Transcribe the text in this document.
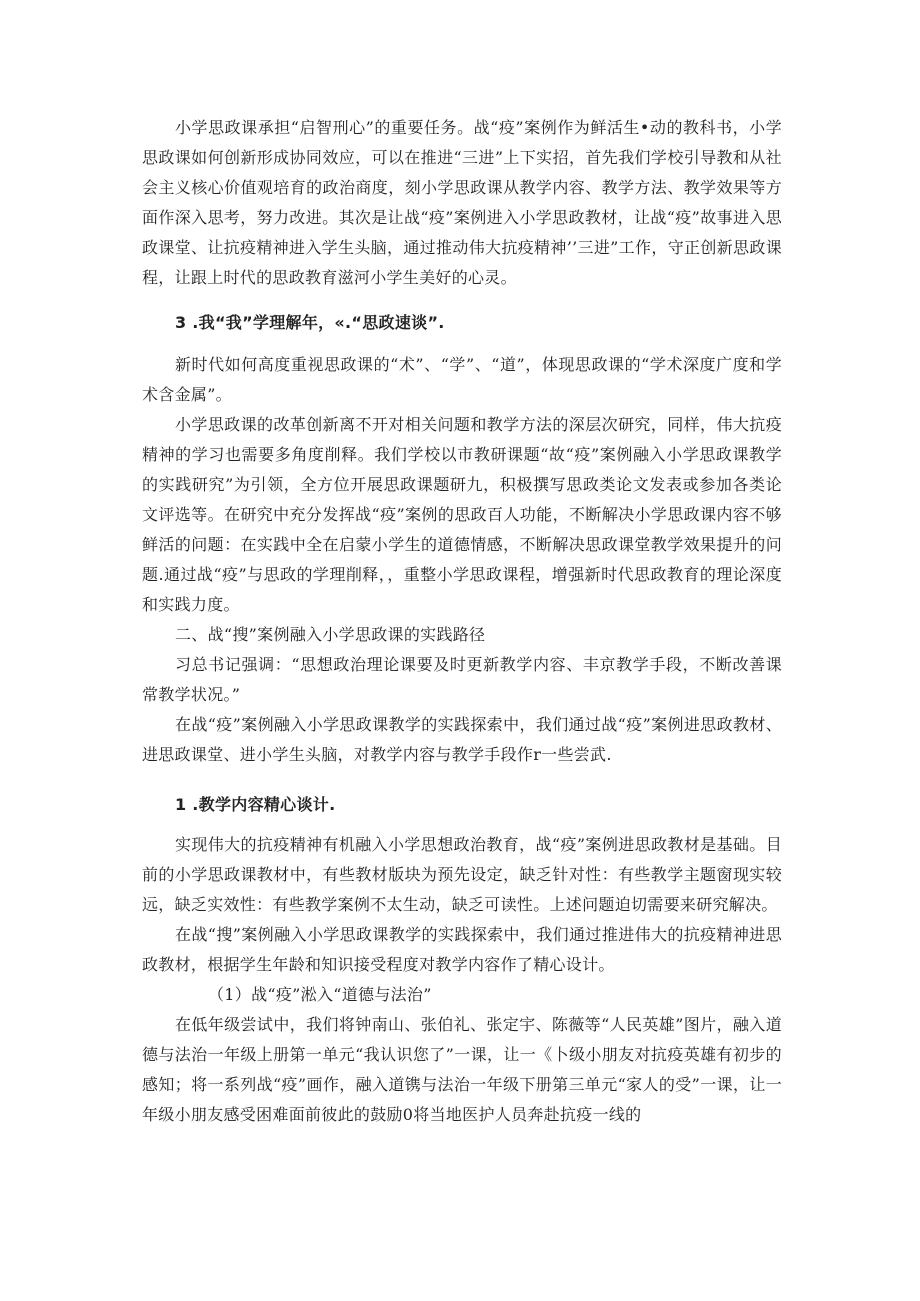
小学思政课承担“启智刑心”的重要任务。战“疫”案例作为鲜活生•动的教科书，小学思政课如何创新形成协同效应，可以在推进“三进”上下实招，首先我们学校引导教和从社会主义核心价值观培育的政治商度，刻小学思政课从教学内容、教学方法、教学效果等方面作深入思考，努力改进。其次是让战“疫”案例进入小学思政教材，让战“疫”故事进入思政课堂、让抗疫精神进入学生头脑，通过推动伟大抗疫精神’’三进”工作，守正创新思政课程，让跟上时代的思政教育滋河小学生美好的心灵。

3 .我“我”学理解年，«.“思政速谈”.

新时代如何高度重视思政课的“术”、“学”、“道”，体现思政课的“学术深度广度和学术含金属”。

小学思政课的改革创新离不开对相关问题和教学方法的深层次研究，同样，伟大抗疫精神的学习也需要多角度削释。我们学校以市教研课题“故“疫”案例融入小学思政课教学的实践研究”为引领，全方位开展思政课题研九，积极撰写思政类论文发表或参加各类论文评选等。在研究中充分发挥战“疫”案例的思政百人功能，不断解决小学思政课内容不够鲜活的问题：在实践中全在启蒙小学生的道德情感，不断解决思政课堂教学效果提升的问题.通过战“疫”与思政的学理削释，，重整小学思政课程，增强新时代思政教育的理论深度和实践力度。

二、战“搜”案例融入小学思政课的实践路径

习总书记强调：“思想政治理论课要及时更新教学内容、丰京教学手段，不断改善课常教学状况。”

在战“疫”案例融入小学思政课教学的实践探索中，我们通过战“疫”案例进思政教材、进思政课堂、进小学生头脑，对教学内容与教学手段作r一些尝武.

1 .教学内容精心谈计.

实现伟大的抗疫精神有机融入小学思想政治教育，战“疫”案例进思政教材是基础。目前的小学思政课教材中，有些教材版块为预先设定，缺乏针对性：有些教学主题窗现实较远，缺乏实效性：有些教学案例不太生动，缺乏可读性。上述问题迫切需要来研究解决。

在战“搜”案例融入小学思政课教学的实践探索中，我们通过推进伟大的抗疫精神进思政教材，根据学生年龄和知识接受程度对教学内容作了精心设计。

（1）战“疫”淞入“道德与法治”

在低年级尝试中，我们将钟南山、张伯礼、张定宇、陈薇等“人民英雄”图片，融入道德与法治一年级上册第一单元“我认识您了”一课，让一《卜级小朋友对抗疫英雄有初步的感知；将一系列战“疫”画作，融入道镌与法治一年级下册第三单元“家人的受”一课，让一年级小朋友感受困难面前彼此的鼓励0将当地医护人员奔赴抗疫一线的
